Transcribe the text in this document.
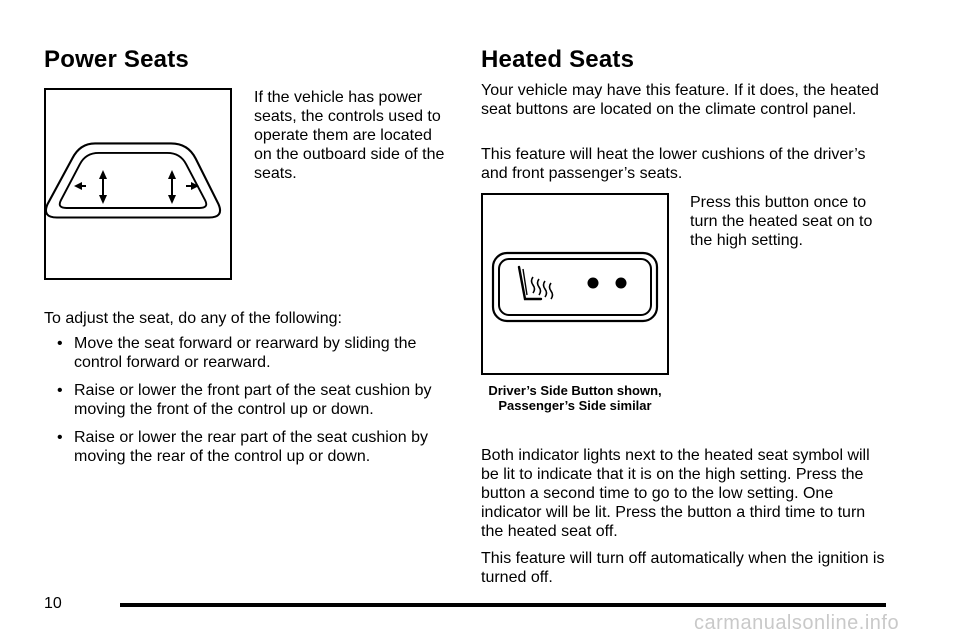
Power Seats

If the vehicle has power seats, the controls used to operate them are located on the outboard side of the seats.

To adjust the seat, do any of the following:

• Move the seat forward or rearward by sliding the control forward or rearward.
• Raise or lower the front part of the seat cushion by moving the front of the control up or down.
• Raise or lower the rear part of the seat cushion by moving the rear of the control up or down.
Heated Seats

Your vehicle may have this feature. If it does, the heated seat buttons are located on the climate control panel.

This feature will heat the lower cushions of the driver’s and front passenger’s seats.

Press this button once to turn the heated seat on to the high setting.

Driver’s Side Button shown, Passenger’s Side similar

Both indicator lights next to the heated seat symbol will be lit to indicate that it is on the high setting. Press the button a second time to go to the low setting. One indicator will be lit. Press the button a third time to turn the heated seat off.

This feature will turn off automatically when the ignition is turned off.

10
carmanualsonline.info
